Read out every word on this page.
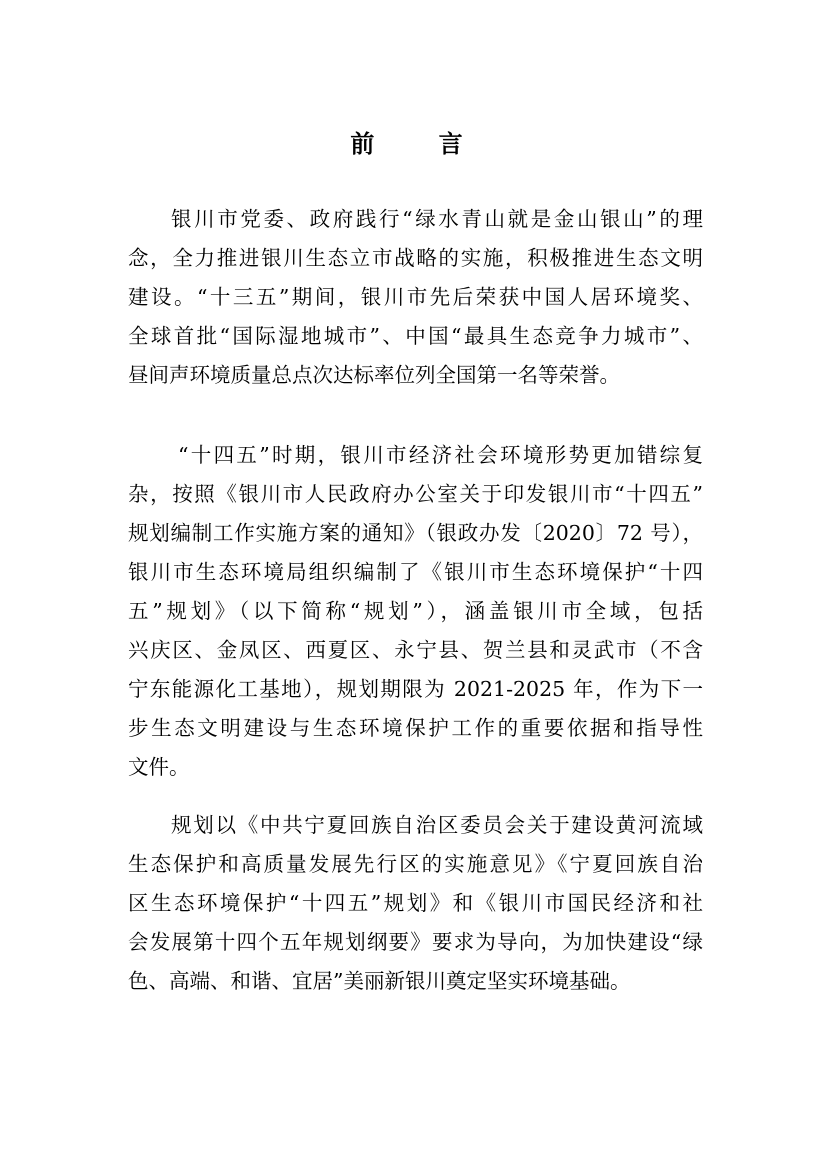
前 言
银川市党委、政府践行“绿水青山就是金山银山”的理
念，全力推进银川生态立市战略的实施，积极推进生态文明
建设。“十三五”期间，银川市先后荣获中国人居环境奖、
全球首批“国际湿地城市”、中国“最具生态竞争力城市”、
昼间声环境质量总点次达标率位列全国第一名等荣誉。
“十四五”时期，银川市经济社会环境形势更加错综复
杂，按照《银川市人民政府办公室关于印发银川市“十四五”
规划编制工作实施方案的通知》（银政办发〔2020〕72 号），
银川市生态环境局组织编制了《银川市生态环境保护“十四
五”规划》（以下简称“规划”），涵盖银川市全域，包括
兴庆区、金凤区、西夏区、永宁县、贺兰县和灵武市（不含
宁东能源化工基地），规划期限为 2021-2025 年，作为下一
步生态文明建设与生态环境保护工作的重要依据和指导性
文件。
规划以《中共宁夏回族自治区委员会关于建设黄河流域
生态保护和高质量发展先行区的实施意见》《宁夏回族自治
区生态环境保护“十四五”规划》和《银川市国民经济和社
会发展第十四个五年规划纲要》要求为导向，为加快建设“绿
色、高端、和谐、宜居”美丽新银川奠定坚实环境基础。
